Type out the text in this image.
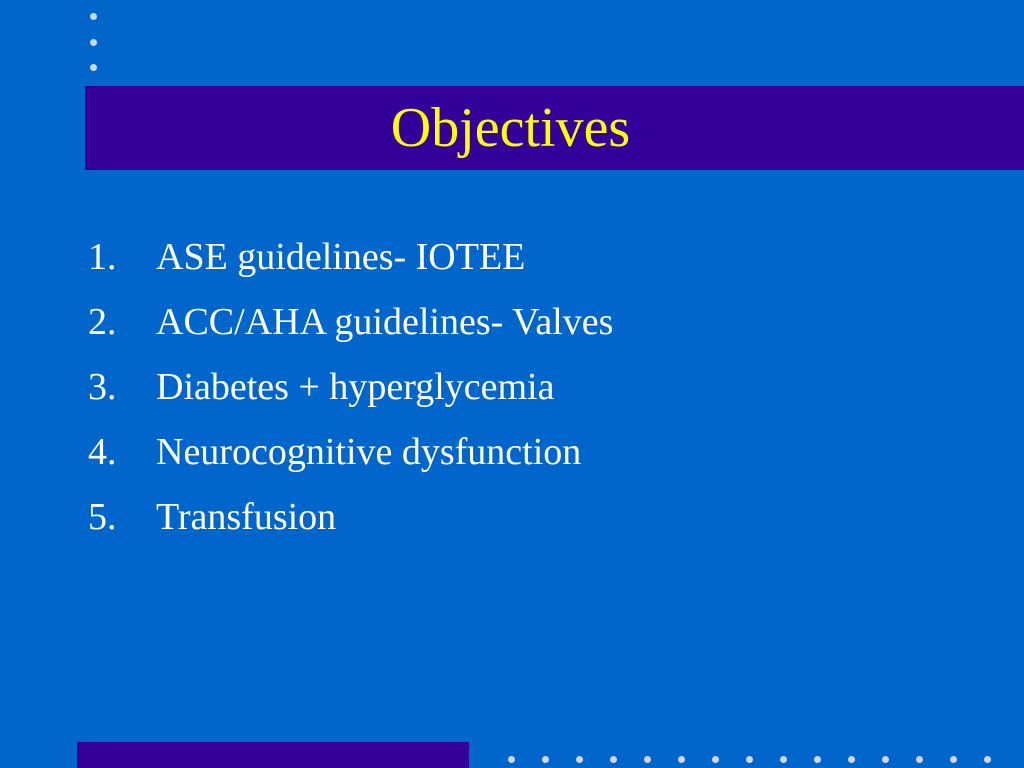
Objectives
1. ASE guidelines- IOTEE
2. ACC/AHA guidelines- Valves
3. Diabetes + hyperglycemia
4. Neurocognitive dysfunction
5. Transfusion
